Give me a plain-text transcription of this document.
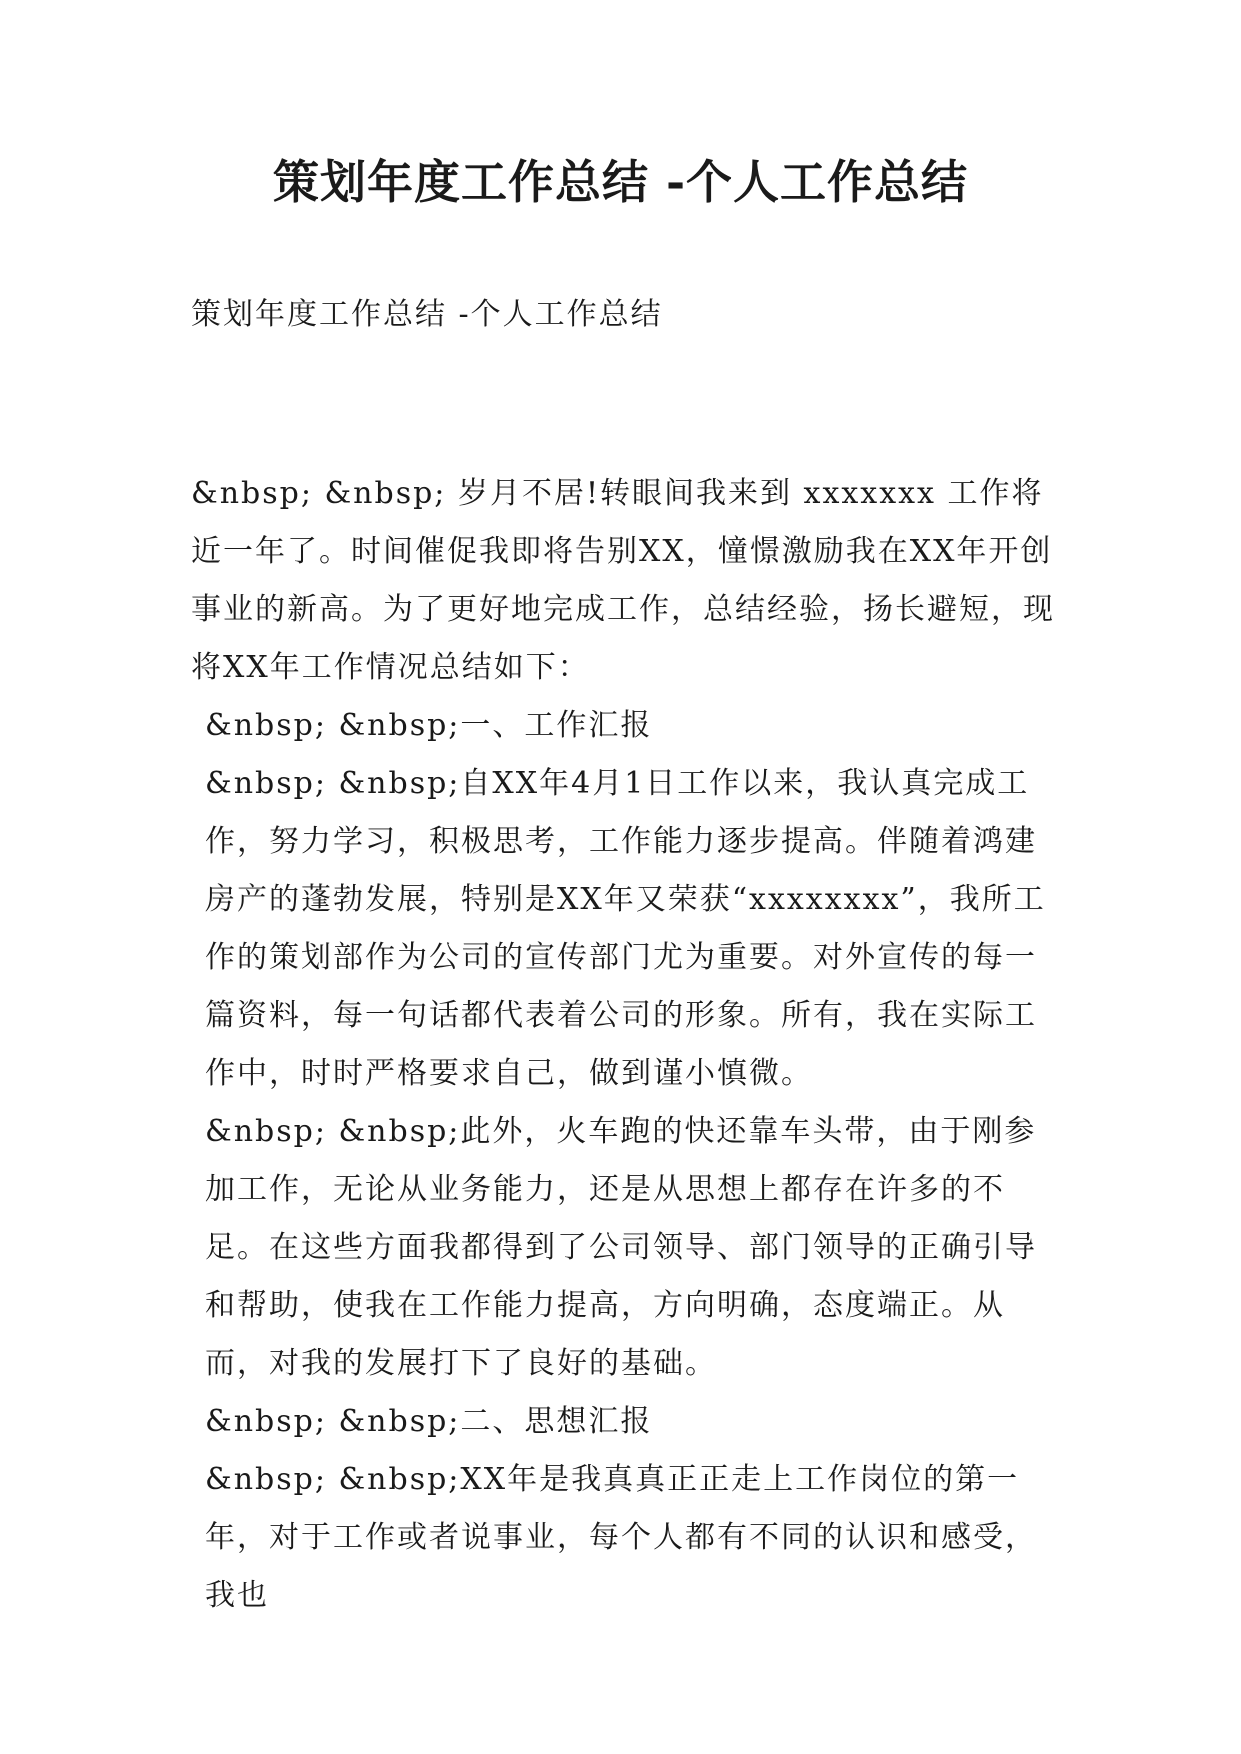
策划年度工作总结 -个人工作总结

策划年度工作总结 -个人工作总结

&nbsp; &nbsp; 岁月不居!转眼间我来到 xxxxxxx 工作将近一年了。时间催促我即将告别XX，憧憬激励我在XX年开创事业的新高。为了更好地完成工作，总结经验，扬长避短，现将XX年工作情况总结如下：

&nbsp; &nbsp;一、工作汇报

&nbsp; &nbsp;自XX年4月1日工作以来，我认真完成工作，努力学习，积极思考，工作能力逐步提高。伴随着鸿建房产的蓬勃发展，特别是XX年又荣获“xxxxxxxx”，我所工作的策划部作为公司的宣传部门尤为重要。对外宣传的每一篇资料，每一句话都代表着公司的形象。所有，我在实际工作中，时时严格要求自己，做到谨小慎微。

&nbsp; &nbsp;此外，火车跑的快还靠车头带，由于刚参加工作，无论从业务能力，还是从思想上都存在许多的不足。在这些方面我都得到了公司领导、部门领导的正确引导和帮助，使我在工作能力提高，方向明确，态度端正。从而，对我的发展打下了良好的基础。

&nbsp; &nbsp;二、思想汇报

&nbsp; &nbsp;XX年是我真真正正走上工作岗位的第一年，对于工作或者说事业，每个人都有不同的认识和感受，我也
